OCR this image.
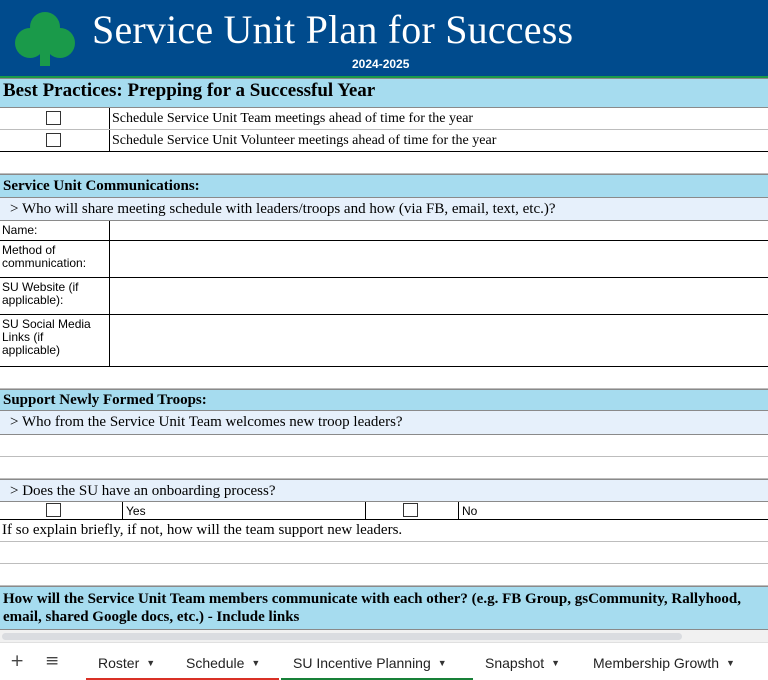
Service Unit Plan for Success
2024-2025
Best Practices: Prepping for a Successful Year
Schedule Service Unit Team meetings ahead of time for the year
Schedule Service Unit Volunteer meetings ahead of time for the year
Service Unit Communications:
> Who will share meeting schedule with leaders/troops and how (via FB, email, text, etc.)?
Name:
Method of
communication:
SU Website (if
applicable):
SU Social Media
Links (if
applicable)
Support Newly Formed Troops:
> Who from the Service Unit Team welcomes new troop leaders?
> Does the SU have an onboarding process?
Yes	No
If so explain briefly, if not, how will the team support new leaders.
How will the Service Unit Team members communicate with each other? (e.g. FB Group, gsCommunity, Rallyhood, email, shared Google docs, etc.) - Include links
+ ≡	Roster ▼	Schedule ▼	SU Incentive Planning ▼	Snapshot ▼	Membership Growth ▼
